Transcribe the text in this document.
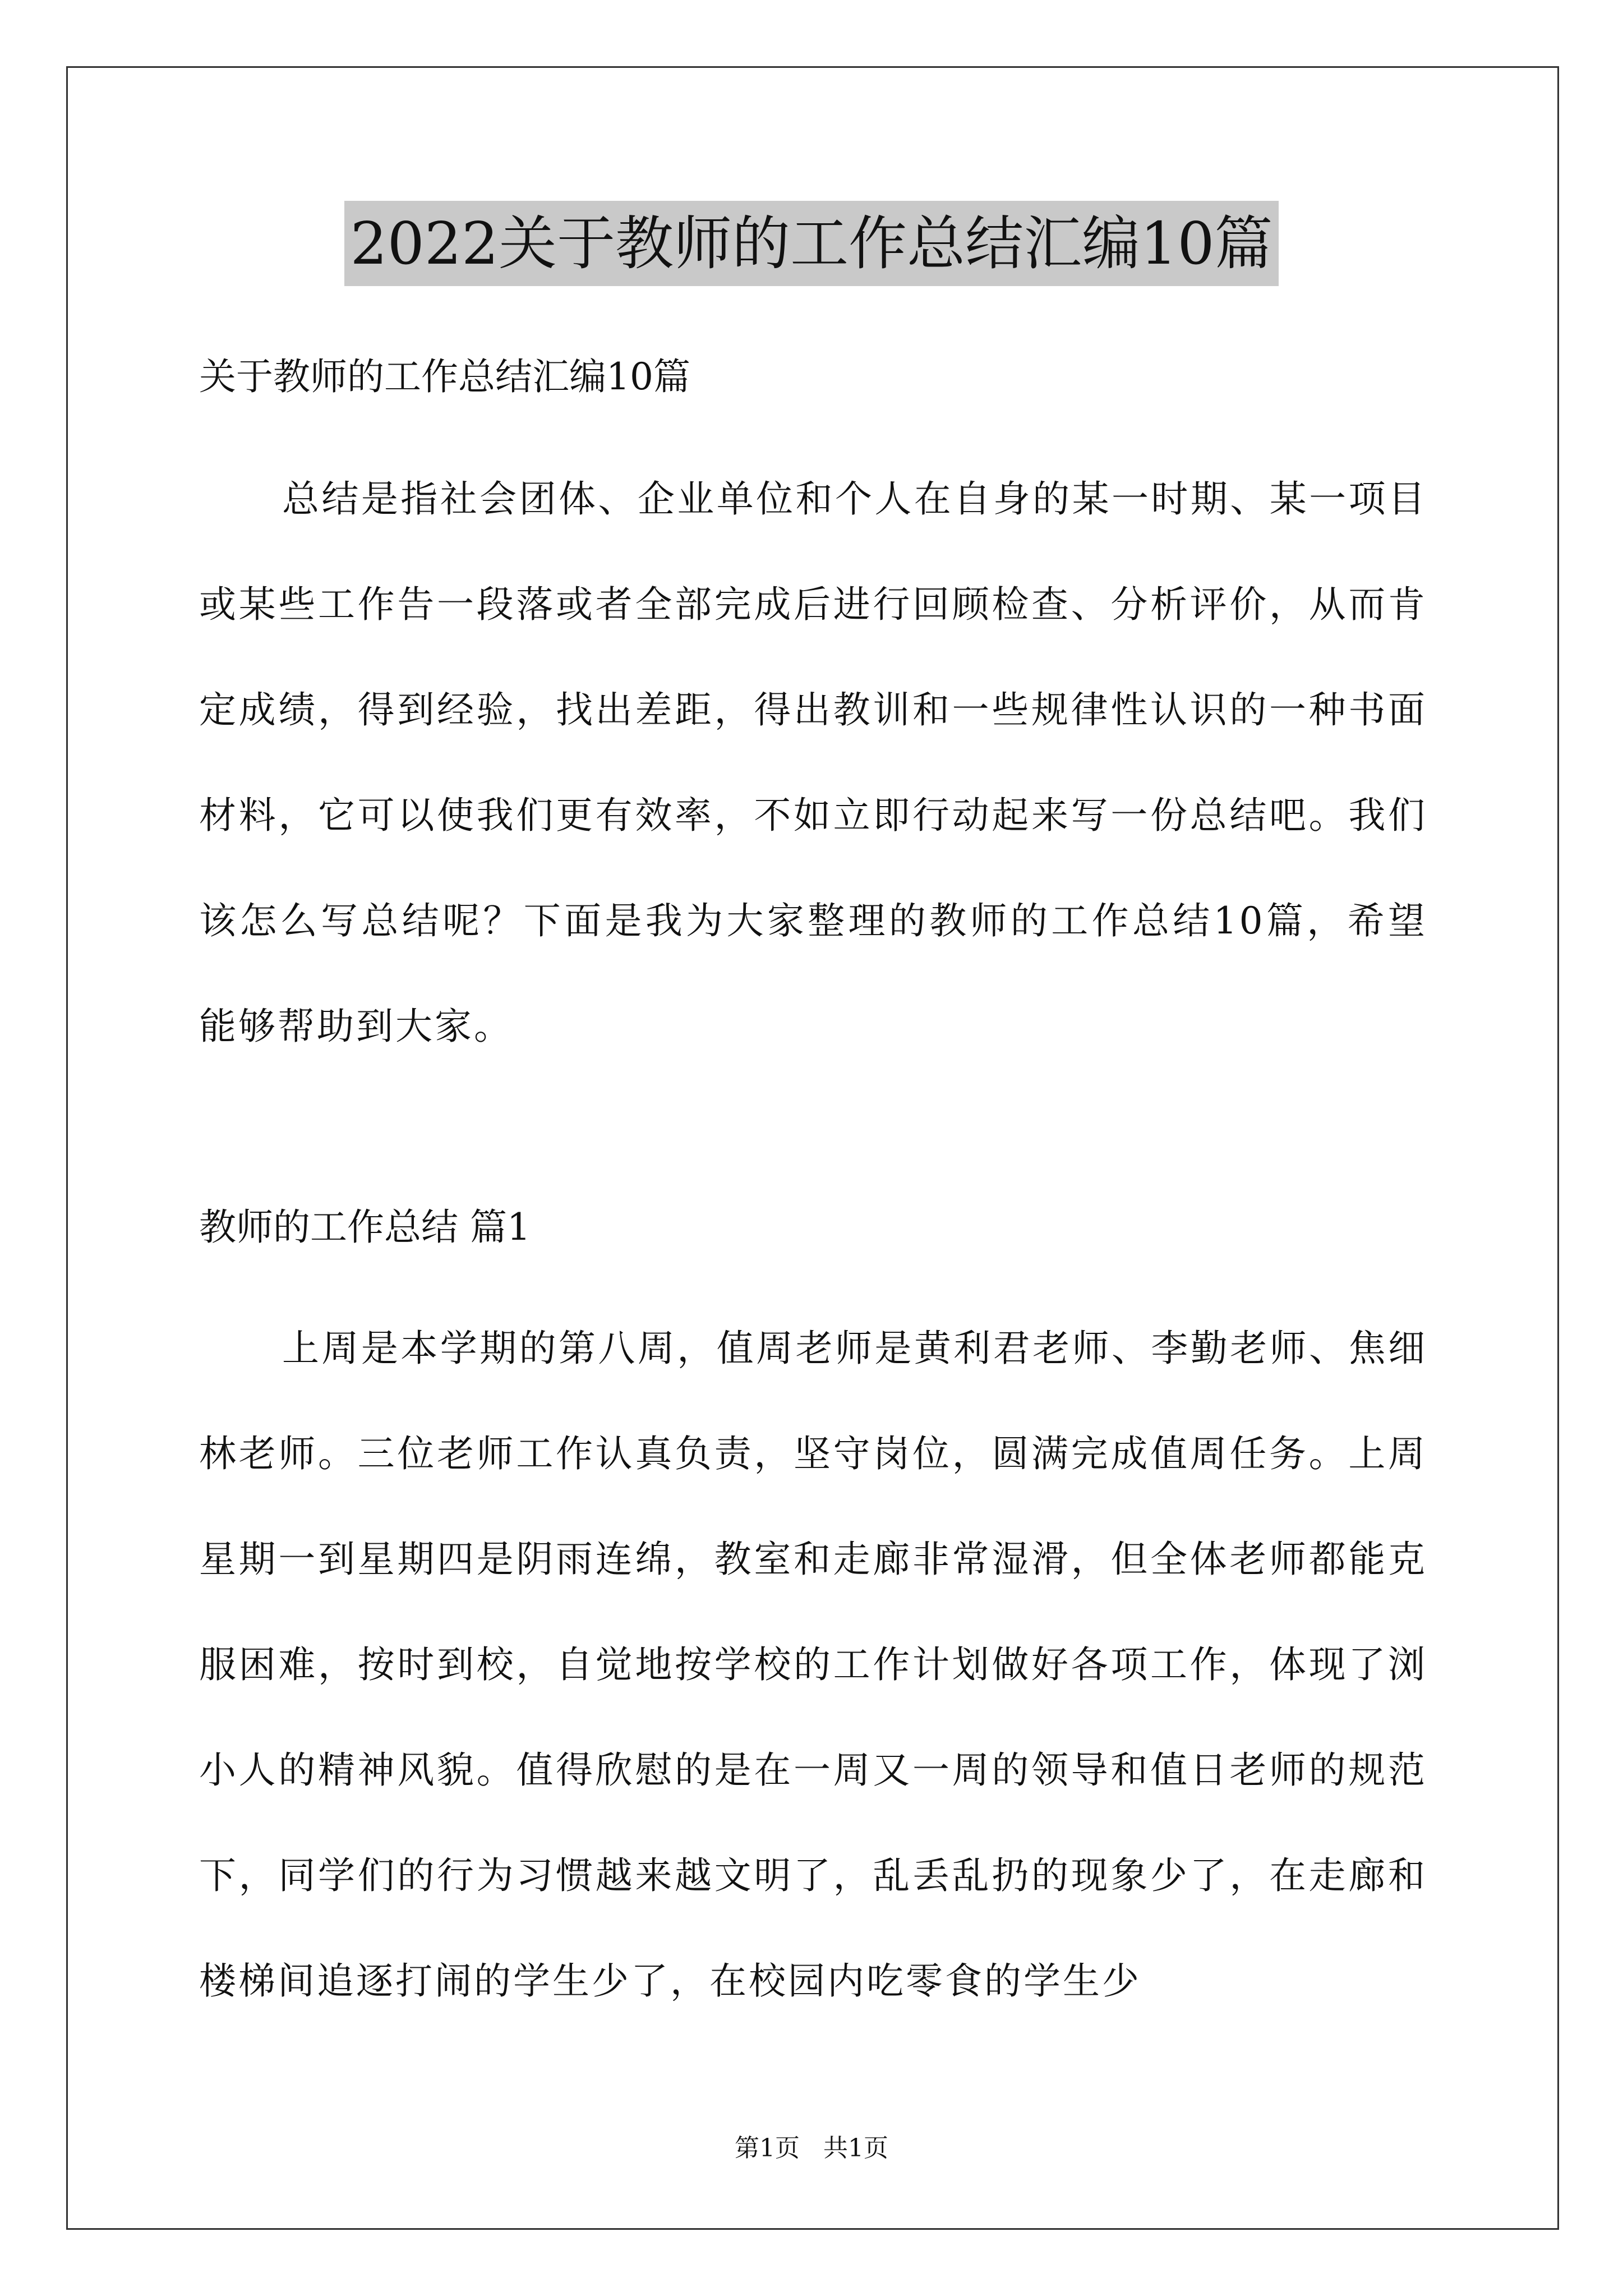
2022关于教师的工作总结汇编10篇
关于教师的工作总结汇编10篇

总结是指社会团体、企业单位和个人在自身的某一时期、某一项目或某些工作告一段落或者全部完成后进行回顾检查、分析评价，从而肯定成绩，得到经验，找出差距，得出教训和一些规律性认识的一种书面材料，它可以使我们更有效率，不如立即行动起来写一份总结吧。我们该怎么写总结呢？下面是我为大家整理的教师的工作总结10篇，希望能够帮助到大家。

教师的工作总结 篇1

上周是本学期的第八周，值周老师是黄利君老师、李勤老师、焦细林老师。三位老师工作认真负责，坚守岗位，圆满完成值周任务。上周星期一到星期四是阴雨连绵，教室和走廊非常湿滑，但全体老师都能克服困难，按时到校，自觉地按学校的工作计划做好各项工作，体现了浏小人的精神风貌。值得欣慰的是在一周又一周的领导和值日老师的规范下，同学们的行为习惯越来越文明了，乱丢乱扔的现象少了，在走廊和楼梯间追逐打闹的学生少了，在校园内吃零食的学生少

第1页   共1页
